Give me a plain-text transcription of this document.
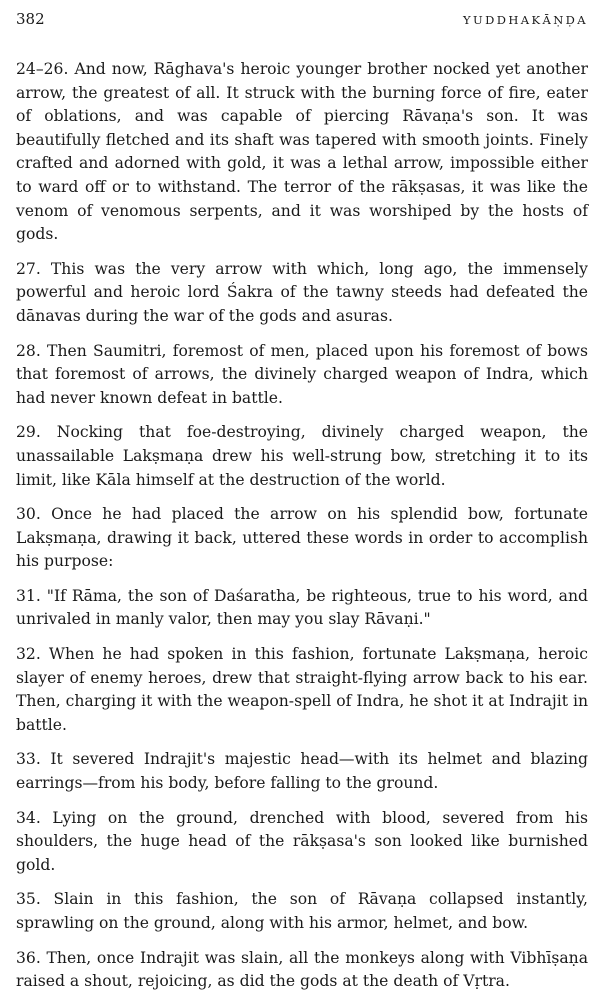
382	YUDDHAKĀṆḌA

24–26. And now, Rāghava's heroic younger brother nocked yet another arrow, the greatest of all. It struck with the burning force of fire, eater of oblations, and was capable of piercing Rāvaṇa's son. It was beautifully fletched and its shaft was tapered with smooth joints. Finely crafted and adorned with gold, it was a lethal arrow, impossible either to ward off or to withstand. The terror of the rākṣasas, it was like the venom of venomous serpents, and it was worshiped by the hosts of gods.

27. This was the very arrow with which, long ago, the immensely powerful and heroic lord Śakra of the tawny steeds had defeated the dānavas during the war of the gods and asuras.

28. Then Saumitri, foremost of men, placed upon his foremost of bows that foremost of arrows, the divinely charged weapon of Indra, which had never known defeat in battle.

29. Nocking that foe-destroying, divinely charged weapon, the unassailable Lakṣmaṇa drew his well-strung bow, stretching it to its limit, like Kāla himself at the destruction of the world.

30. Once he had placed the arrow on his splendid bow, fortunate Lakṣmaṇa, drawing it back, uttered these words in order to accomplish his purpose:

31. "If Rāma, the son of Daśaratha, be righteous, true to his word, and unrivaled in manly valor, then may you slay Rāvaṇi."

32. When he had spoken in this fashion, fortunate Lakṣmaṇa, heroic slayer of enemy heroes, drew that straight-flying arrow back to his ear. Then, charging it with the weapon-spell of Indra, he shot it at Indrajit in battle.

33. It severed Indrajit's majestic head—with its helmet and blazing earrings—from his body, before falling to the ground.

34. Lying on the ground, drenched with blood, severed from his shoulders, the huge head of the rākṣasa's son looked like burnished gold.

35. Slain in this fashion, the son of Rāvaṇa collapsed instantly, sprawling on the ground, along with his armor, helmet, and bow.

36. Then, once Indrajit was slain, all the monkeys along with Vibhīṣaṇa raised a shout, rejoicing, as did the gods at the death of Vṛtra.
